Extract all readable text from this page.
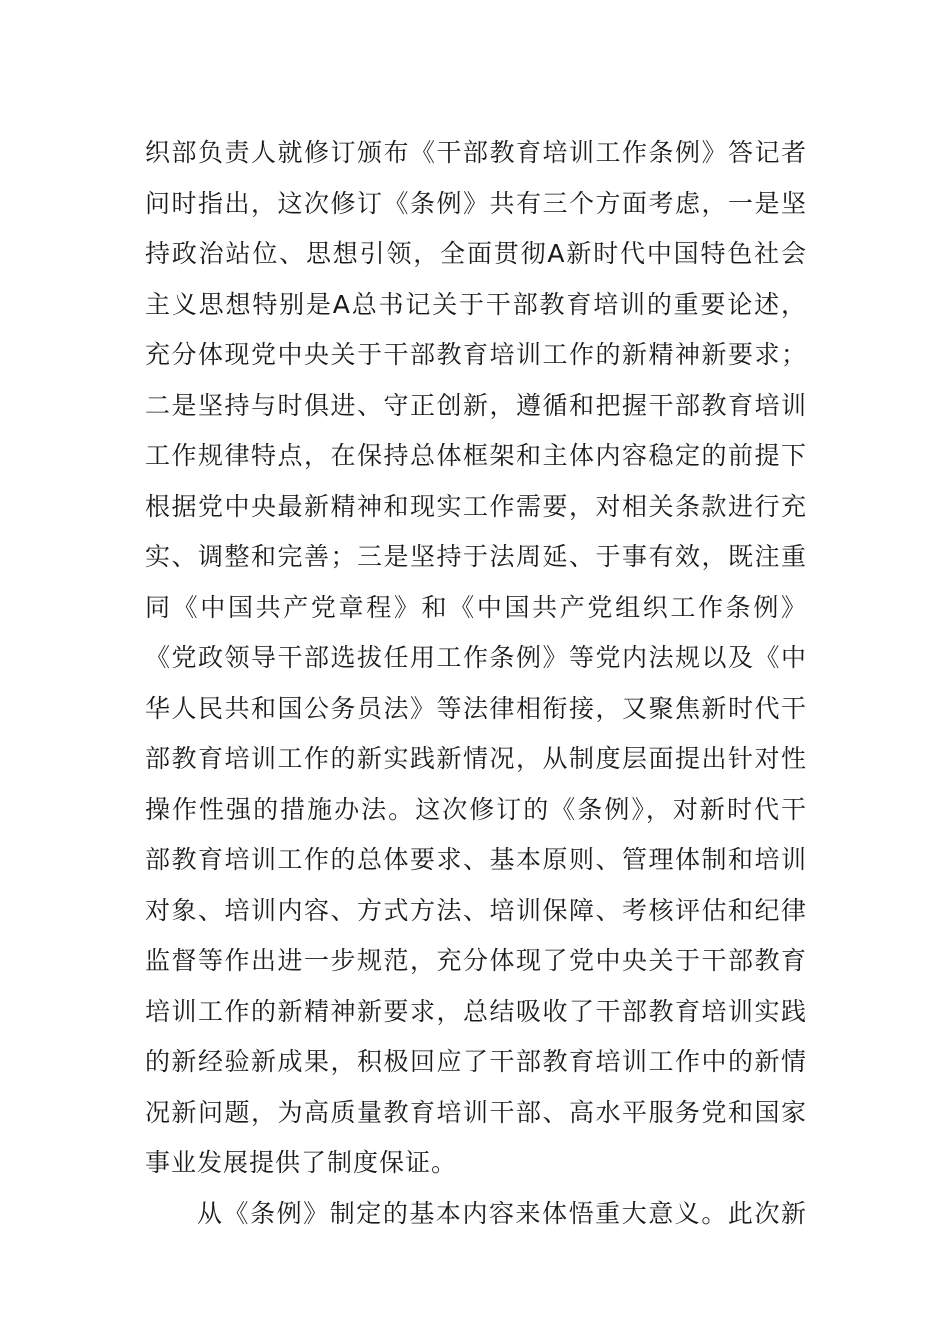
织部负责人就修订颁布《干部教育培训工作条例》答记者
问时指出，这次修订《条例》共有三个方面考虑，一是坚
持政治站位、思想引领，全面贯彻A新时代中国特色社会
主义思想特别是A总书记关于干部教育培训的重要论述，
充分体现党中央关于干部教育培训工作的新精神新要求；
二是坚持与时俱进、守正创新，遵循和把握干部教育培训
工作规律特点，在保持总体框架和主体内容稳定的前提下
根据党中央最新精神和现实工作需要，对相关条款进行充
实、调整和完善；三是坚持于法周延、于事有效，既注重
同《中国共产党章程》和《中国共产党组织工作条例》
《党政领导干部选拔任用工作条例》等党内法规以及《中
华人民共和国公务员法》等法律相衔接，又聚焦新时代干
部教育培训工作的新实践新情况，从制度层面提出针对性
操作性强的措施办法。这次修订的《条例》，对新时代干
部教育培训工作的总体要求、基本原则、管理体制和培训
对象、培训内容、方式方法、培训保障、考核评估和纪律
监督等作出进一步规范，充分体现了党中央关于干部教育
培训工作的新精神新要求，总结吸收了干部教育培训实践
的新经验新成果，积极回应了干部教育培训工作中的新情
况新问题，为高质量教育培训干部、高水平服务党和国家
事业发展提供了制度保证。
从《条例》制定的基本内容来体悟重大意义。此次新
